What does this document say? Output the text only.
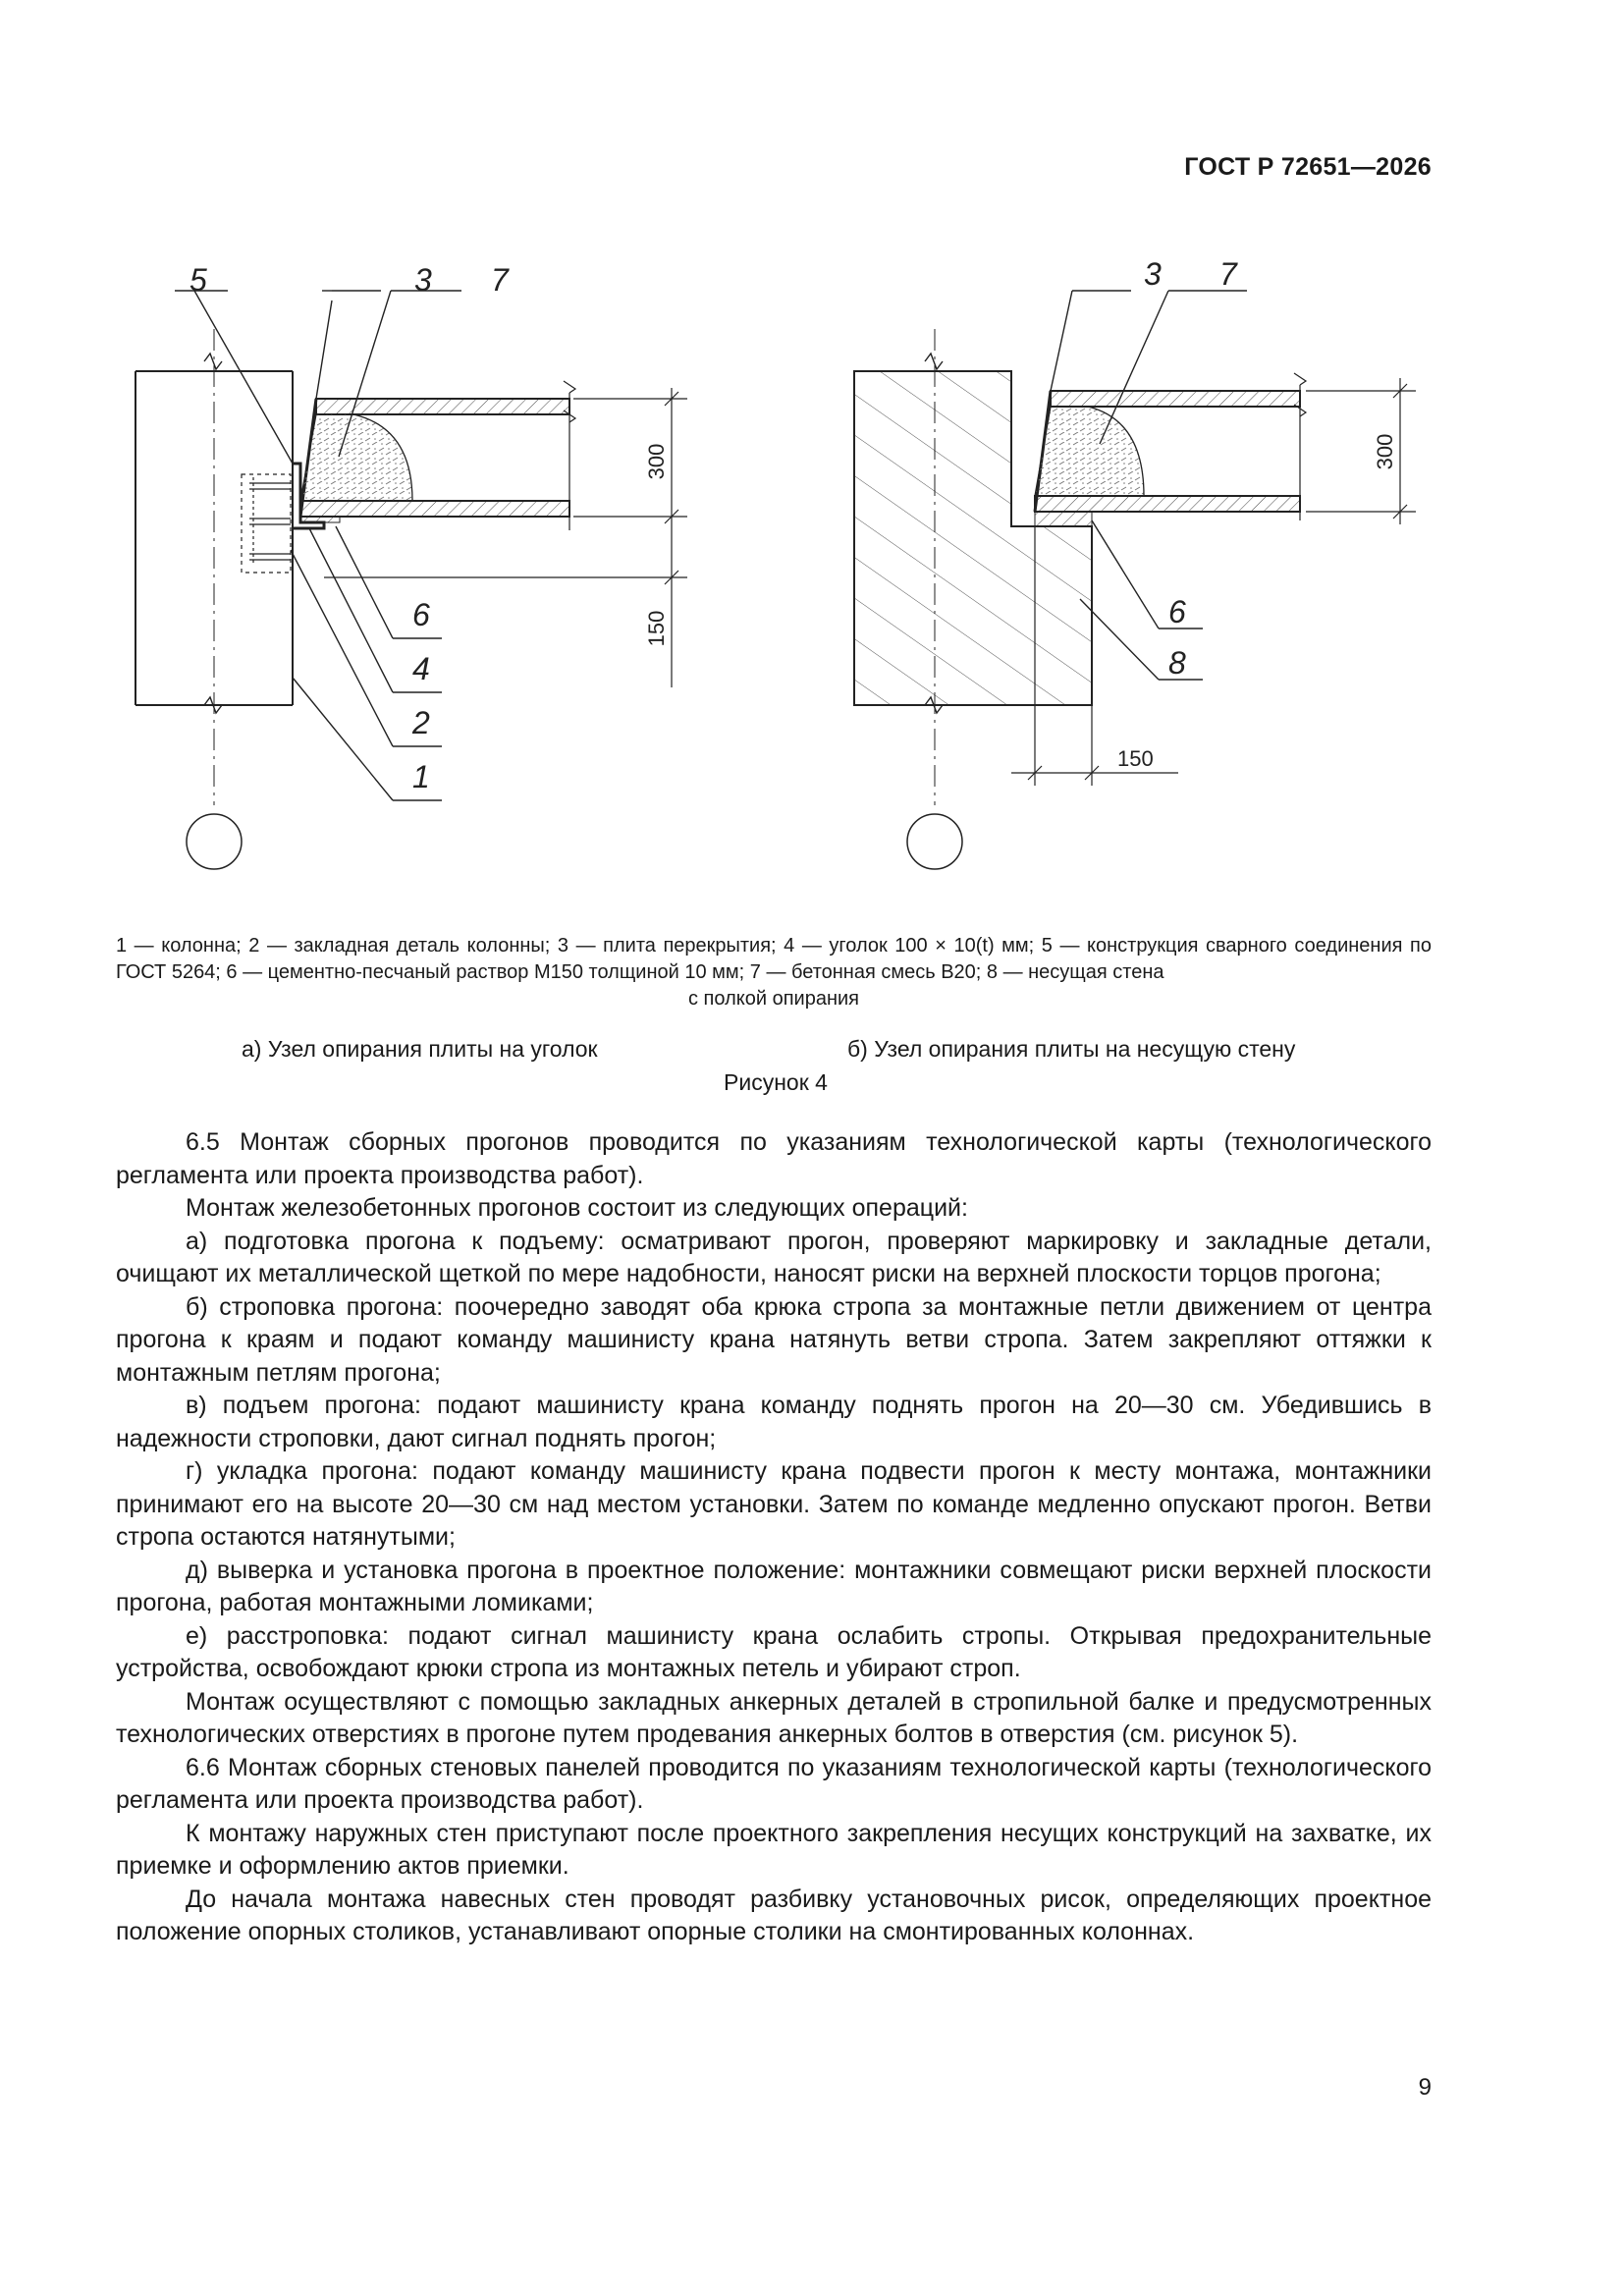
ГОСТ Р 72651—2026
5	3 7
6
4
2
1
300
150
3 7
6
8
300
150
1 — колонна; 2 — закладная деталь колонны; 3 — плита перекрытия; 4 — уголок 100 × 10(t) мм; 5 — конструкция сварного соединения по ГОСТ 5264; 6 — цементно-песчаный раствор М150 толщиной 10 мм; 7 — бетонная смесь В20; 8 — несущая стена
с полкой опирания
а) Узел опирания плиты на уголок	б) Узел опирания плиты на несущую стену
Рисунок 4

6.5 Монтаж сборных прогонов проводится по указаниям технологической карты (технологического регламента или проекта производства работ).

Монтаж железобетонных прогонов состоит из следующих операций:

а) подготовка прогона к подъему: осматривают прогон, проверяют маркировку и закладные детали, очищают их металлической щеткой по мере надобности, наносят риски на верхней плоскости торцов прогона;

б) строповка прогона: поочередно заводят оба крюка стропа за монтажные петли движением от центра прогона к краям и подают команду машинисту крана натянуть ветви стропа. Затем закрепляют оттяжки к монтажным петлям прогона;

в) подъем прогона: подают машинисту крана команду поднять прогон на 20—30 см. Убедившись в надежности строповки, дают сигнал поднять прогон;

г) укладка прогона: подают команду машинисту крана подвести прогон к месту монтажа, монтажники принимают его на высоте 20—30 см над местом установки. Затем по команде медленно опускают прогон. Ветви стропа остаются натянутыми;

д) выверка и установка прогона в проектное положение: монтажники совмещают риски верхней плоскости прогона, работая монтажными ломиками;

е) расстроповка: подают сигнал машинисту крана ослабить стропы. Открывая предохранительные устройства, освобождают крюки стропа из монтажных петель и убирают строп.

Монтаж осуществляют с помощью закладных анкерных деталей в стропильной балке и предусмотренных технологических отверстиях в прогоне путем продевания анкерных болтов в отверстия (см. рисунок 5).

6.6 Монтаж сборных стеновых панелей проводится по указаниям технологической карты (технологического регламента или проекта производства работ).

К монтажу наружных стен приступают после проектного закрепления несущих конструкций на захватке, их приемке и оформлению актов приемки.

До начала монтажа навесных стен проводят разбивку установочных рисок, определяющих проектное положение опорных столиков, устанавливают опорные столики на смонтированных колоннах.

9
